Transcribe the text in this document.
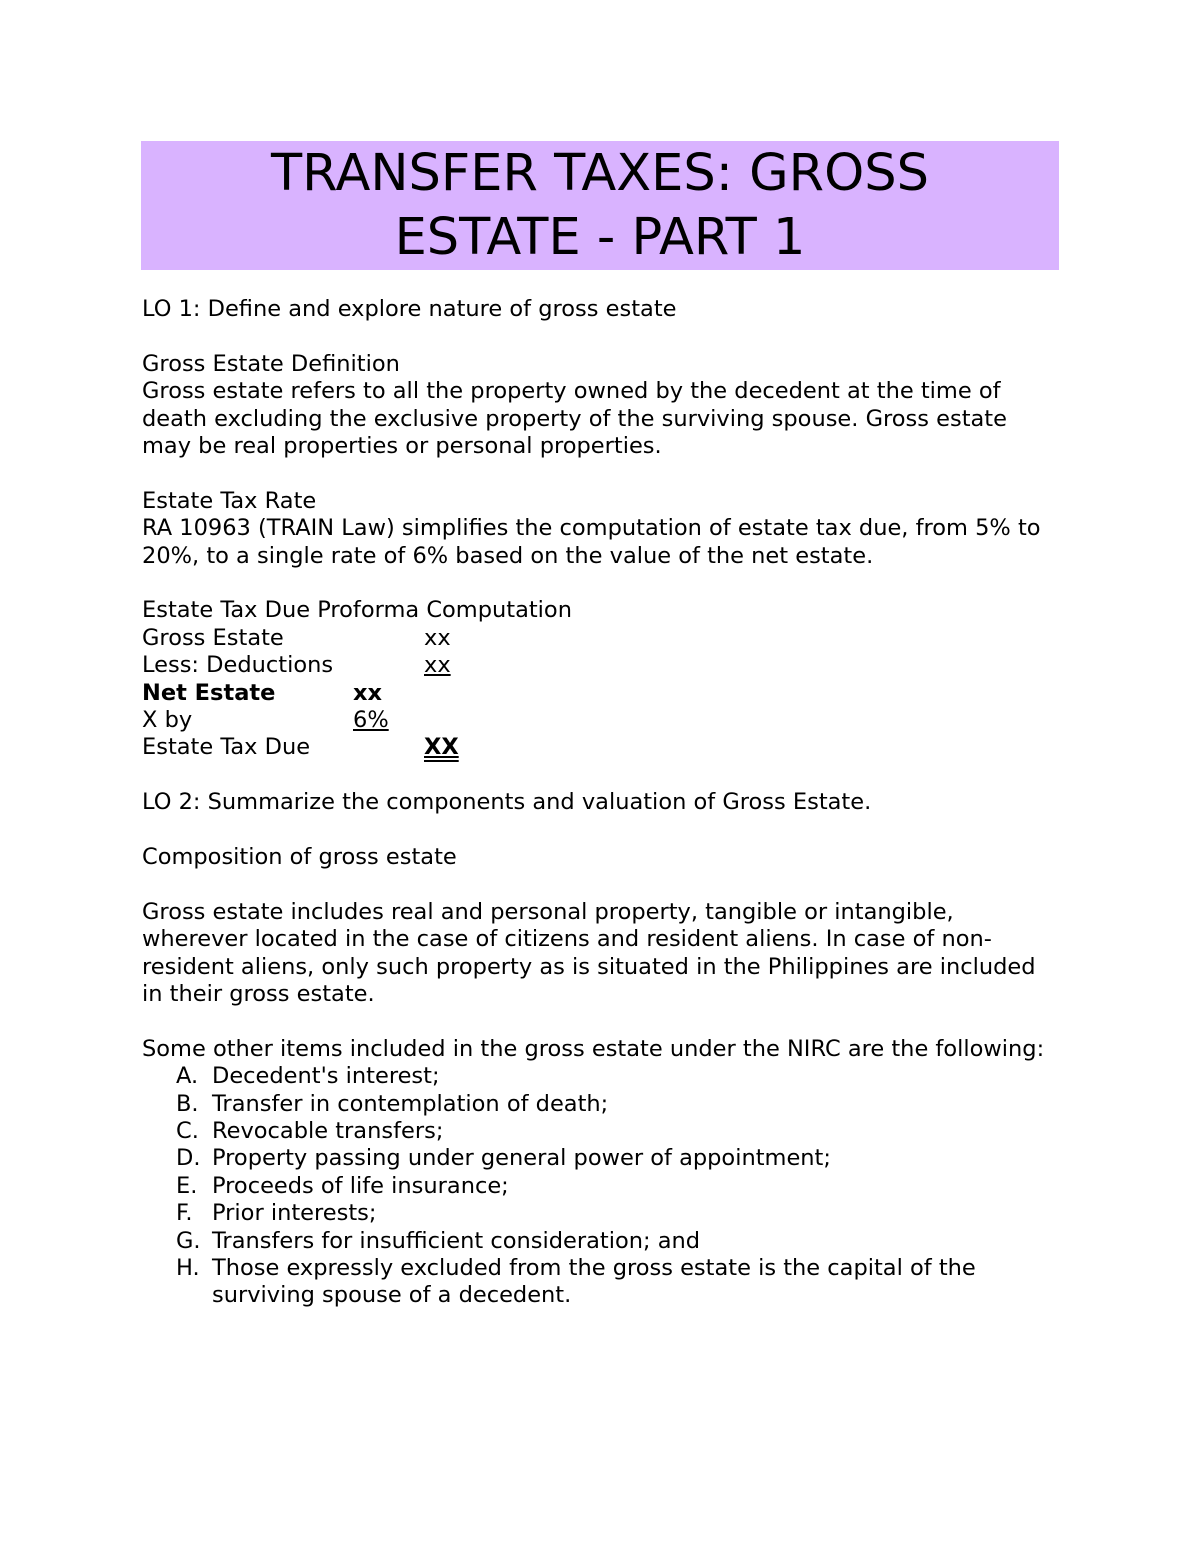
TRANSFER TAXES: GROSS
ESTATE - PART 1

LO 1: Define and explore nature of gross estate

Gross Estate Definition

Gross estate refers to all the property owned by the decedent at the time of death excluding the exclusive property of the surviving spouse. Gross estate may be real properties or personal properties.

Estate Tax Rate

RA 10963 (TRAIN Law) simplifies the computation of estate tax due, from 5% to 20%, to a single rate of 6% based on the value of the net estate.

Estate Tax Due Proforma Computation

Gross Estate	xx
Less: Deductions	xx
Net Estate	xx
X by	6%
Estate Tax Due	XX

LO 2: Summarize the components and valuation of Gross Estate.

Composition of gross estate

Gross estate includes real and personal property, tangible or intangible, wherever located in the case of citizens and resident aliens. In case of non-resident aliens, only such property as is situated in the Philippines are included in their gross estate.

Some other items included in the gross estate under the NIRC are the following:

A. Decedent's interest;
B. Transfer in contemplation of death;
C. Revocable transfers;
D. Property passing under general power of appointment;
E. Proceeds of life insurance;
F. Prior interests;
G. Transfers for insufficient consideration; and
H. Those expressly excluded from the gross estate is the capital of the surviving spouse of a decedent.
